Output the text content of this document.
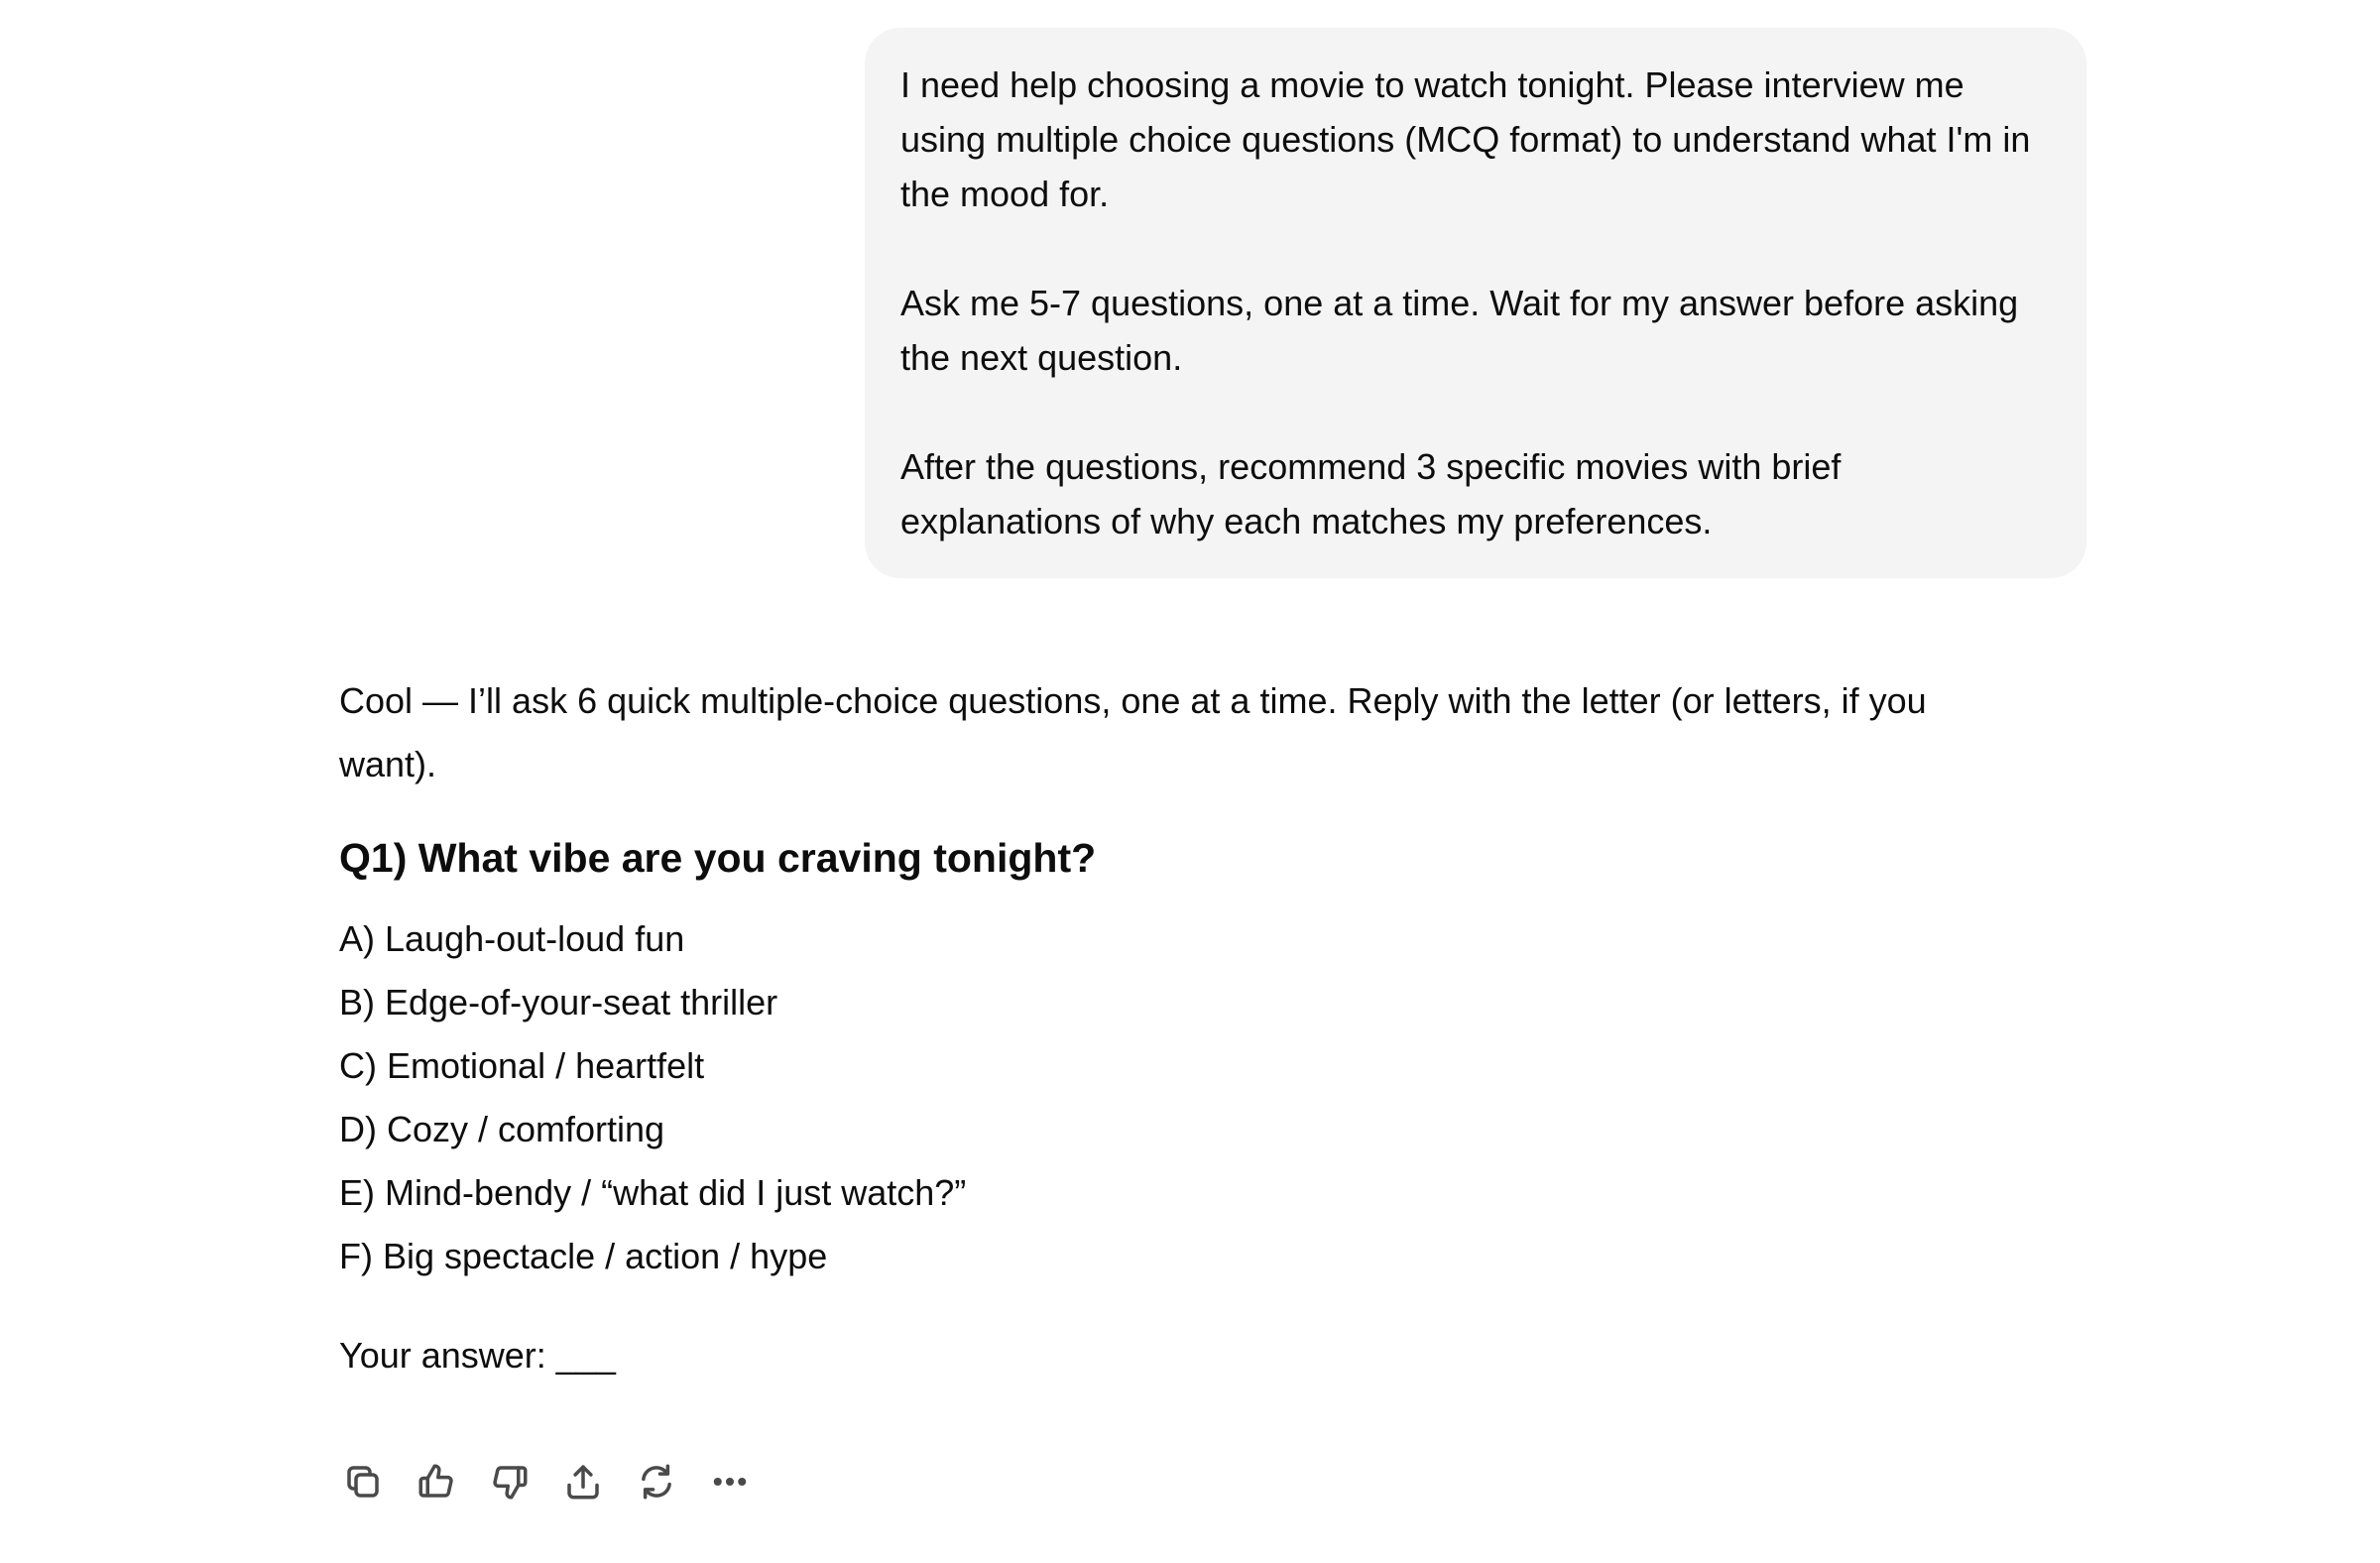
I need help choosing a movie to watch tonight. Please interview me using multiple choice questions (MCQ format) to understand what I'm in the mood for.

Ask me 5-7 questions, one at a time. Wait for my answer before asking the next question.

After the questions, recommend 3 specific movies with brief explanations of why each matches my preferences.

Cool — I’ll ask 6 quick multiple-choice questions, one at a time. Reply with the letter (or letters, if you want).

Q1) What vibe are you craving tonight?
A) Laugh-out-loud fun
B) Edge-of-your-seat thriller
C) Emotional / heartfelt
D) Cozy / comforting
E) Mind-bendy / “what did I just watch?”
F) Big spectacle / action / hype

Your answer: ___
